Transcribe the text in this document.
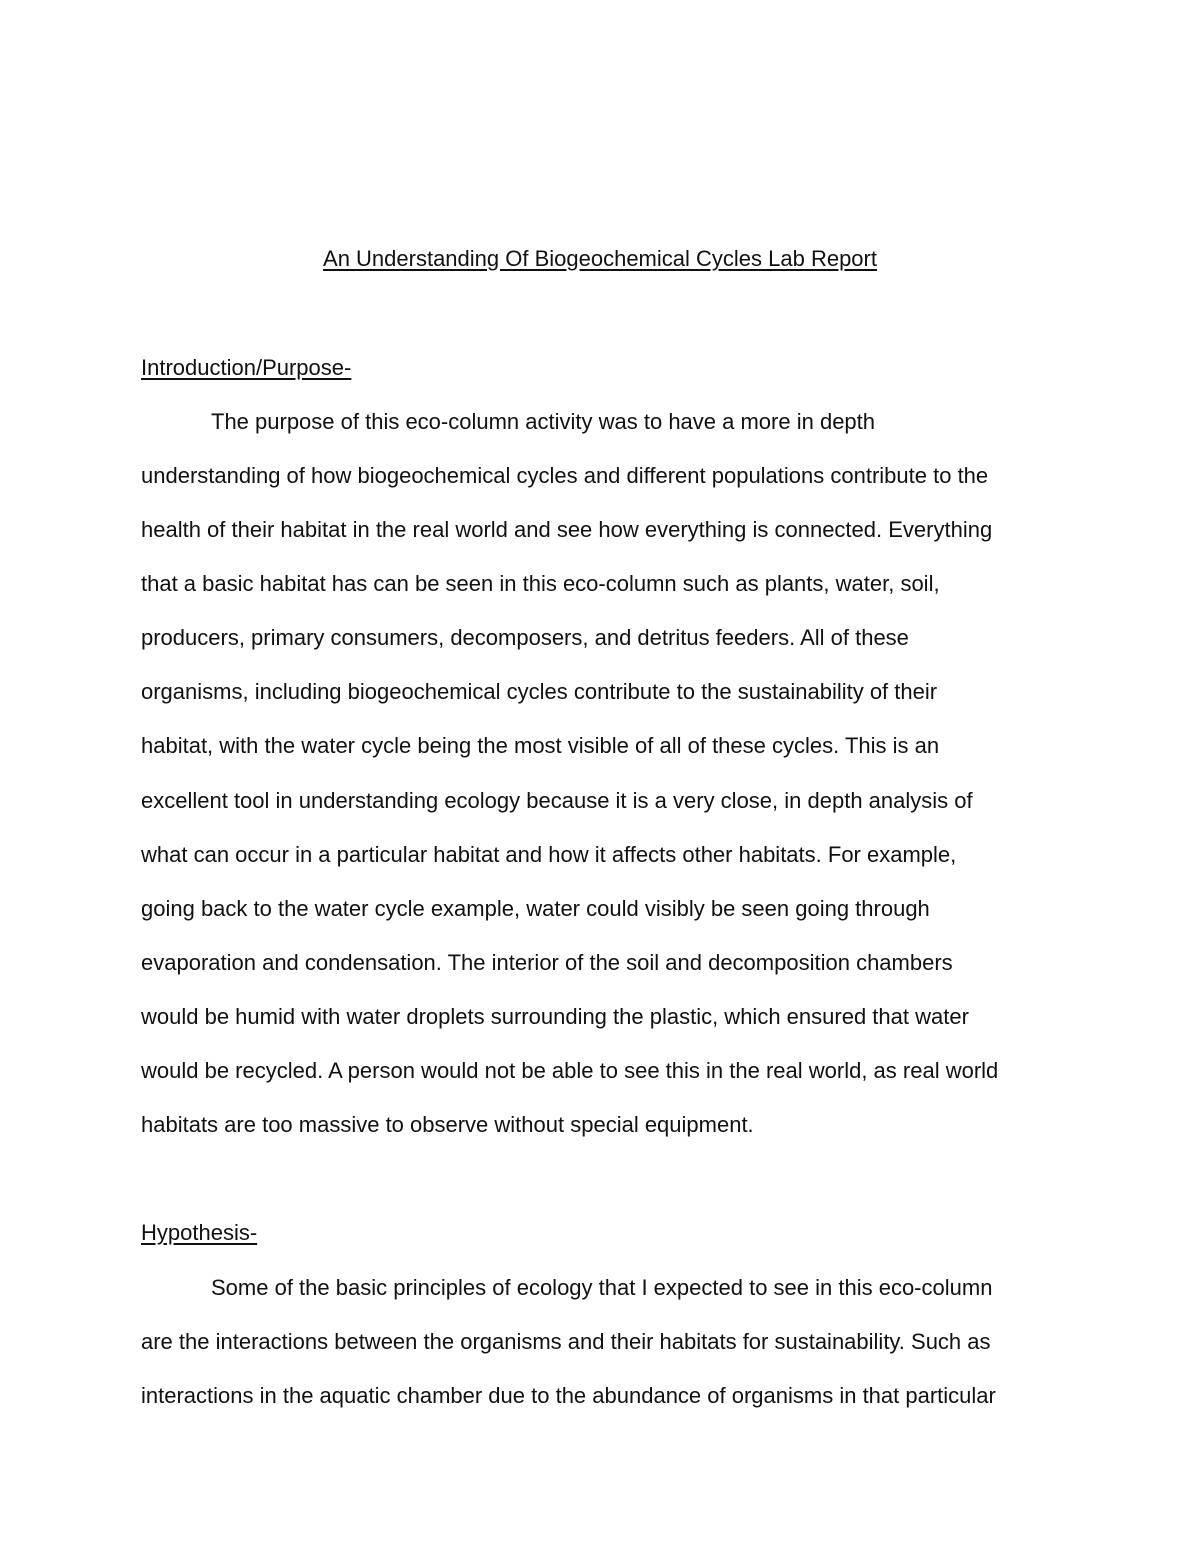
An Understanding Of Biogeochemical Cycles Lab Report
Introduction/Purpose-

The purpose of this eco-column activity was to have a more in depth

understanding of how biogeochemical cycles and different populations contribute to the

health of their habitat in the real world and see how everything is connected. Everything

that a basic habitat has can be seen in this eco-column such as plants, water, soil,

producers, primary consumers, decomposers, and detritus feeders. All of these

organisms, including biogeochemical cycles contribute to the sustainability of their

habitat, with the water cycle being the most visible of all of these cycles. This is an

excellent tool in understanding ecology because it is a very close, in depth analysis of

what can occur in a particular habitat and how it affects other habitats. For example,

going back to the water cycle example, water could visibly be seen going through

evaporation and condensation. The interior of the soil and decomposition chambers

would be humid with water droplets surrounding the plastic, which ensured that water

would be recycled. A person would not be able to see this in the real world, as real world

habitats are too massive to observe without special equipment.

Hypothesis-

Some of the basic principles of ecology that I expected to see in this eco-column

are the interactions between the organisms and their habitats for sustainability. Such as

interactions in the aquatic chamber due to the abundance of organisms in that particular
